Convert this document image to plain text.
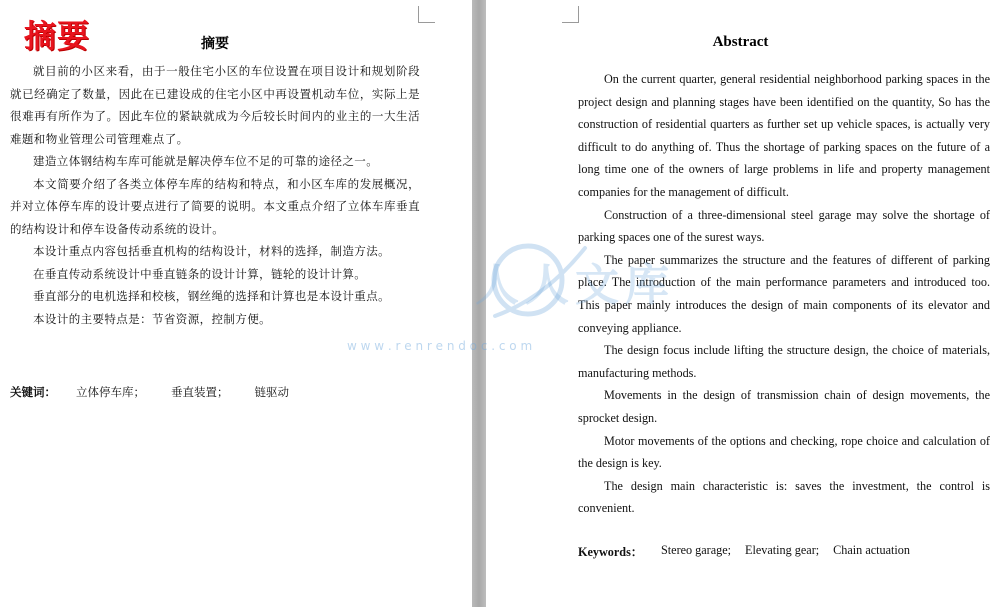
摘要	摘要

就目前的小区来看，由于一般住宅小区的车位设置在项目设计和规划阶段就已经确定了数量，因此在已建设成的住宅小区中再设置机动车位，实际上是很难再有所作为了。因此车位的紧缺就成为今后较长时间内的业主的一大生活难题和物业管理公司管理难点了。

建造立体钢结构车库可能就是解决停车位不足的可靠的途径之一。

本文简要介绍了各类立体停车库的结构和特点，和小区车库的发展概况，并对立体停车库的设计要点进行了简要的说明。本文重点介绍了立体车库垂直的结构设计和停车设备传动系统的设计。

本设计重点内容包括垂直机构的结构设计，材料的选择，制造方法。

在垂直传动系统设计中垂直链条的设计计算，链轮的设计计算。

垂直部分的电机选择和校核，钢丝绳的选择和计算也是本设计重点。

本设计的主要特点是：节省资源，控制方便。

关键词： 立体停车库； 垂直装置； 链驱动
Abstract

On the current quarter, general residential neighborhood parking spaces in the project design and planning stages have been identified on the quantity, So has the construction of residential quarters as further set up vehicle spaces, is actually very difficult to do anything of. Thus the shortage of parking spaces on the future of a long time one of the owners of large problems in life and property management companies for the management of difficult.

Construction of a three-dimensional steel garage may solve the shortage of parking spaces one of the surest ways.

The paper summarizes the structure and the features of different of parking place. The introduction of the main performance parameters and introduced too. This paper mainly introduces the design of main components of its elevator and conveying appliance.

The design focus include lifting the structure design, the choice of materials, manufacturing methods.

Movements in the design of transmission chain of design movements, the sprocket design.

Motor movements of the options and checking, rope choice and calculation of the design is key.

The design main characteristic is: saves the investment, the control is convenient.

Keywords： Stereo garage; Elevating gear; Chain actuation
人人文库
w w w . r e n r e n d o c . c o m
